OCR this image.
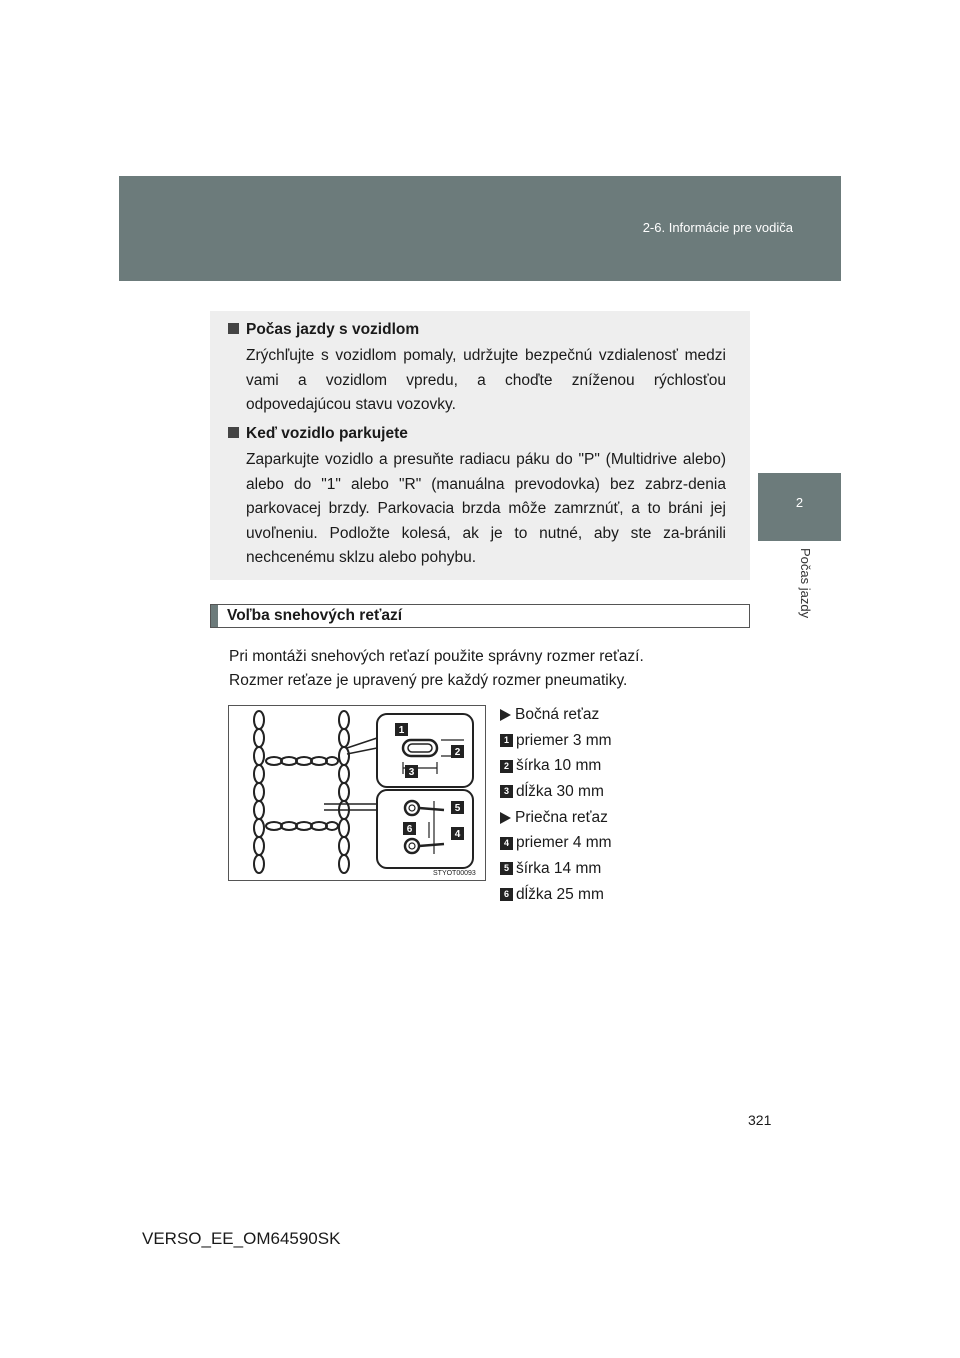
2-6. Informácie pre vodiča
2
Počas jazdy
Počas jazdy s vozidlom
Zrýchľujte s vozidlom pomaly, udržujte bezpečnú vzdialenosť medzi vami a vozidlom vpredu, a choďte zníženou rýchlosťou odpovedajúcou stavu vozovky.
Keď vozidlo parkujete
Zaparkujte vozidlo a presuňte radiacu páku do "P" (Multidrive alebo) alebo do "1" alebo "R" (manuálna prevodovka) bez zabrz-denia parkovacej brzdy. Parkovacia brzda môže zamrznúť, a to bráni jej uvoľneniu. Podložte kolesá, ak je to nutné, aby ste za-bránili nechcenému sklzu alebo pohybu.
Voľba snehových reťazí
Pri montáži snehových reťazí použite správny rozmer reťazí.
Rozmer reťaze je upravený pre každý rozmer pneumatiky.
1
2
3
4
5
6
STYOT00093
Bočná reťaz
1 priemer 3 mm
2 šírka 10 mm
3 dĺžka 30 mm
Priečna reťaz
4 priemer 4 mm
5 šírka 14 mm
6 dĺžka 25 mm
321
VERSO_EE_OM64590SK
